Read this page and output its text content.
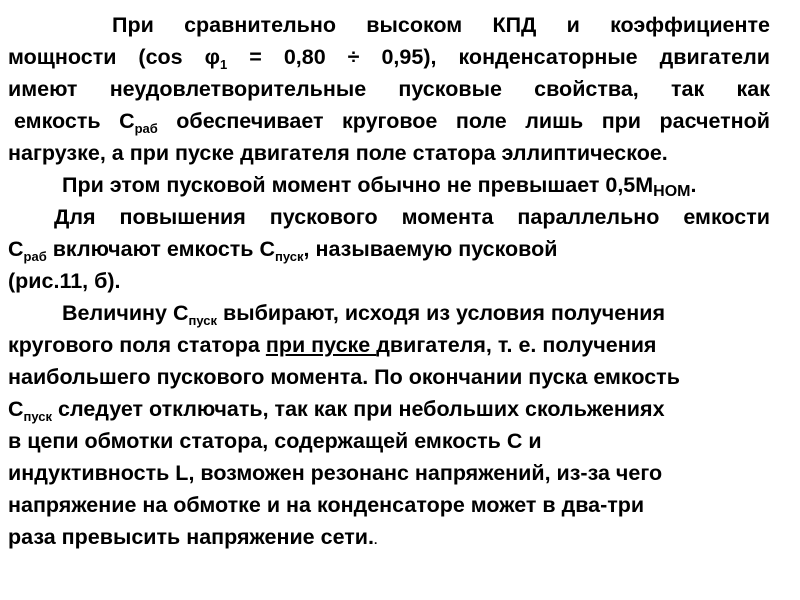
При сравнительно высоком КПД и коэффициенте
мощности (cos $\varphi_1 = 0,80 \div 0,95$), конденсаторные двигатели
имеют неудовлетворительные пусковые свойства, так как
емкость $С_{раб}$ обеспечивает круговое поле лишь при расчетной
нагрузке, а при пуске двигателя поле статора эллиптическое.
При этом пусковой момент обычно не превышает $0,5М_{НОМ}$.
Для повышения пускового момента параллельно емкости
$С_{раб}$ включают емкость $С_{пуск}$, называемую пусковой
(рис.11, б).
Величину $С_{пуск}$ выбирают, исходя из условия получения
кругового поля статора при пуске двигателя, т. е. получения
наибольшего пускового момента. По окончании пуска емкость
$С_{пуск}$ следует отключать, так как при небольших скольжениях
в цепи обмотки статора, содержащей емкость С и
индуктивность L, возможен резонанс напряжений, из-за чего
напряжение на обмотке и на конденсаторе может в два-три
раза превысить напряжение сети..
